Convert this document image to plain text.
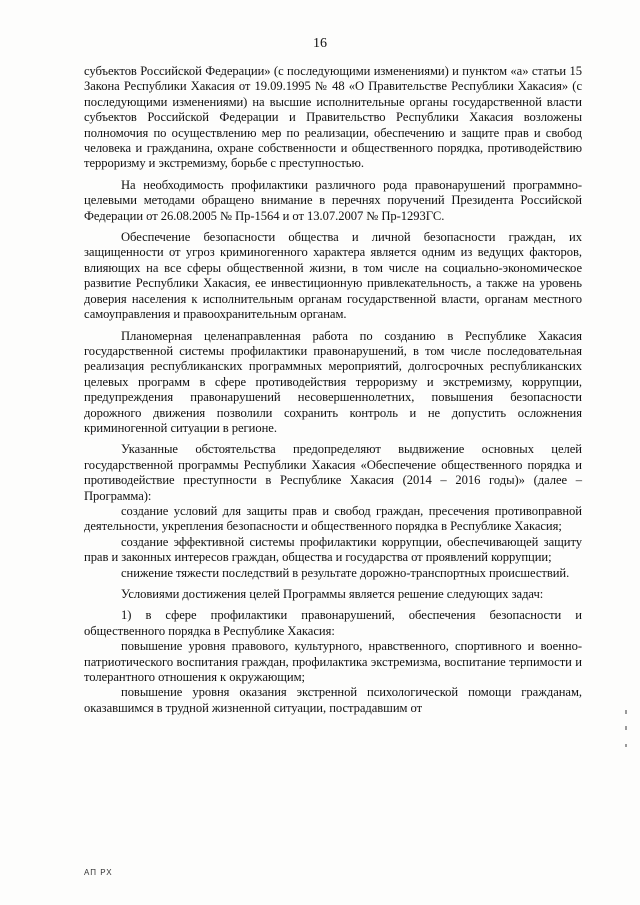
16

субъектов Российской Федерации» (с последующими изменениями) и пунктом «а» статьи 15 Закона Республики Хакасия от 19.09.1995 № 48 «О Правительстве Республики Хакасия» (с последующими изменениями) на высшие исполнительные органы государственной власти субъектов Российской Федерации и Правительство Республики Хакасия возложены полномочия по осуществлению мер по реализации, обеспечению и защите прав и свобод человека и гражданина, охране собственности и общественного порядка, противодействию терроризму и экстремизму, борьбе с преступностью.

На необходимость профилактики различного рода правонарушений программно-целевыми методами обращено внимание в перечнях поручений Президента Российской Федерации от 26.08.2005 № Пр-1564 и от 13.07.2007 № Пр-1293ГС.

Обеспечение безопасности общества и личной безопасности граждан, их защищенности от угроз криминогенного характера является одним из ведущих факторов, влияющих на все сферы общественной жизни, в том числе на социально-экономическое развитие Республики Хакасия, ее инвестиционную привлекательность, а также на уровень доверия населения к исполнительным органам государственной власти, органам местного самоуправления и правоохранительным органам.

Планомерная целенаправленная работа по созданию в Республике Хакасия государственной системы профилактики правонарушений, в том числе последовательная реализация республиканских программных мероприятий, долгосрочных республиканских целевых программ в сфере противодействия терроризму и экстремизму, коррупции, предупреждения правонарушений несовершеннолетних, повышения безопасности дорожного движения позволили сохранить контроль и не допустить осложнения криминогенной ситуации в регионе.

Указанные обстоятельства предопределяют выдвижение основных целей государственной программы Республики Хакасия «Обеспечение общественного порядка и противодействие преступности в Республике Хакасия (2014 – 2016 годы)» (далее – Программа):

создание условий для защиты прав и свобод граждан, пресечения противоправной деятельности, укрепления безопасности и общественного порядка в Республике Хакасия;

создание эффективной системы профилактики коррупции, обеспечивающей защиту прав и законных интересов граждан, общества и государства от проявлений коррупции;

снижение тяжести последствий в результате дорожно-транспортных происшествий.

Условиями достижения целей Программы является решение следующих задач:

1) в сфере профилактики правонарушений, обеспечения безопасности и общественного порядка в Республике Хакасия:

повышение уровня правового, культурного, нравственного, спортивного и военно-патриотического воспитания граждан, профилактика экстремизма, воспитание терпимости и толерантного отношения к окружающим;

повышение уровня оказания экстренной психологической помощи гражданам, оказавшимся в трудной жизненной ситуации, пострадавшим от

АП РХ
